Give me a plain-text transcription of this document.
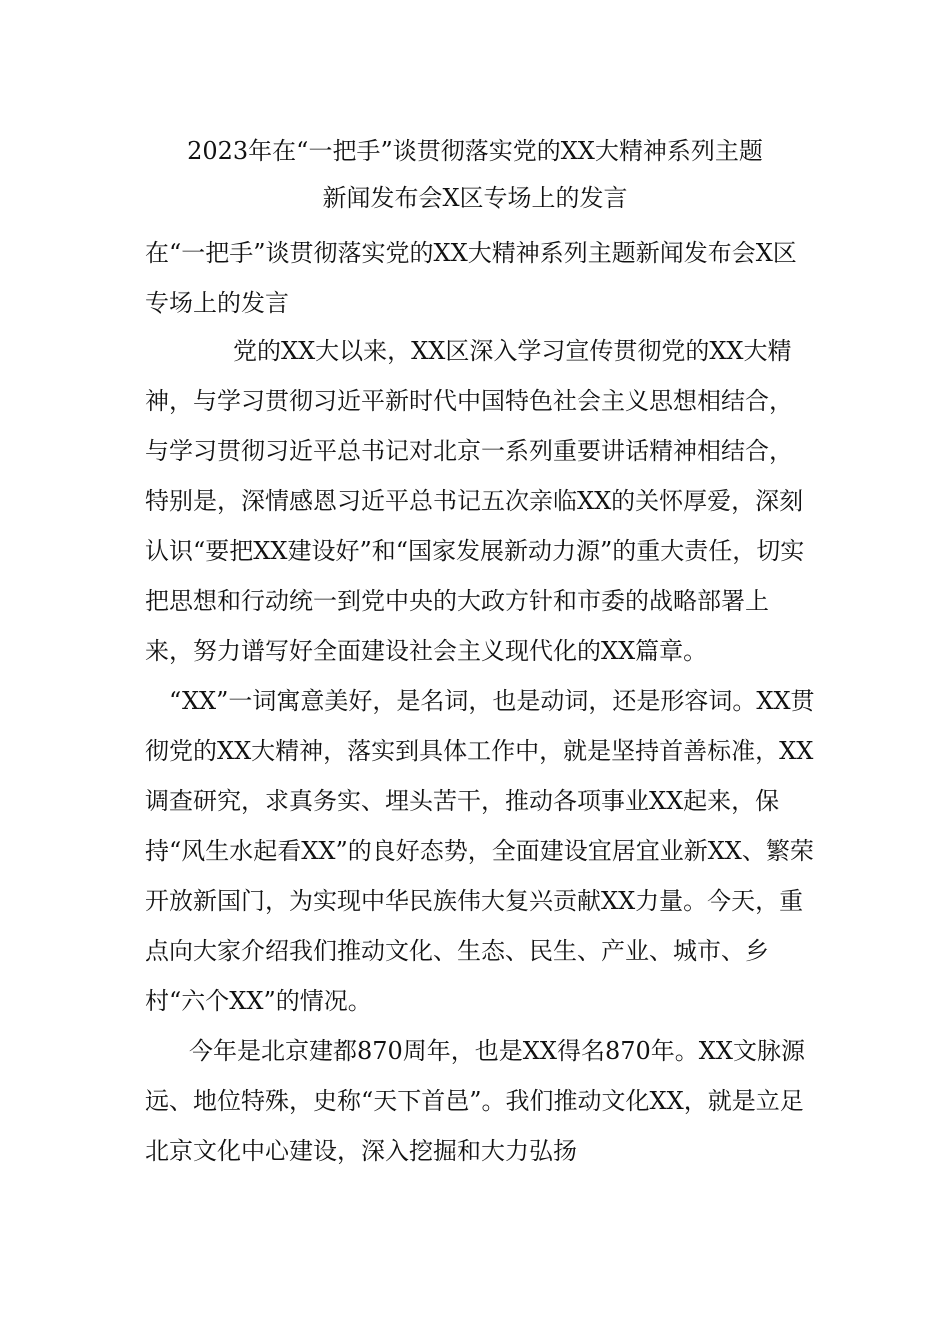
2023年在“一把手”谈贯彻落实党的XX大精神系列主题
新闻发布会X区专场上的发言
在“一把手”谈贯彻落实党的XX大精神系列主题新闻发布会X区专场上的发言

党的XX大以来，XX区深入学习宣传贯彻党的XX大精神，与学习贯彻习近平新时代中国特色社会主义思想相结合，与学习贯彻习近平总书记对北京一系列重要讲话精神相结合，特别是，深情感恩习近平总书记五次亲临XX的关怀厚爱，深刻认识“要把XX建设好”和“国家发展新动力源”的重大责任，切实把思想和行动统一到党中央的大政方针和市委的战略部署上来，努力谱写好全面建设社会主义现代化的XX篇章。

“XX”一词寓意美好，是名词，也是动词，还是形容词。XX贯彻党的XX大精神，落实到具体工作中，就是坚持首善标准，XX调查研究，求真务实、埋头苦干，推动各项事业XX起来，保持“风生水起看XX”的良好态势，全面建设宜居宜业新XX、繁荣开放新国门，为实现中华民族伟大复兴贡献XX力量。今天，重点向大家介绍我们推动文化、生态、民生、产业、城市、乡村“六个XX”的情况。

今年是北京建都870周年，也是XX得名870年。XX文脉源远、地位特殊，史称“天下首邑”。我们推动文化XX，就是立足北京文化中心建设，深入挖掘和大力弘扬
